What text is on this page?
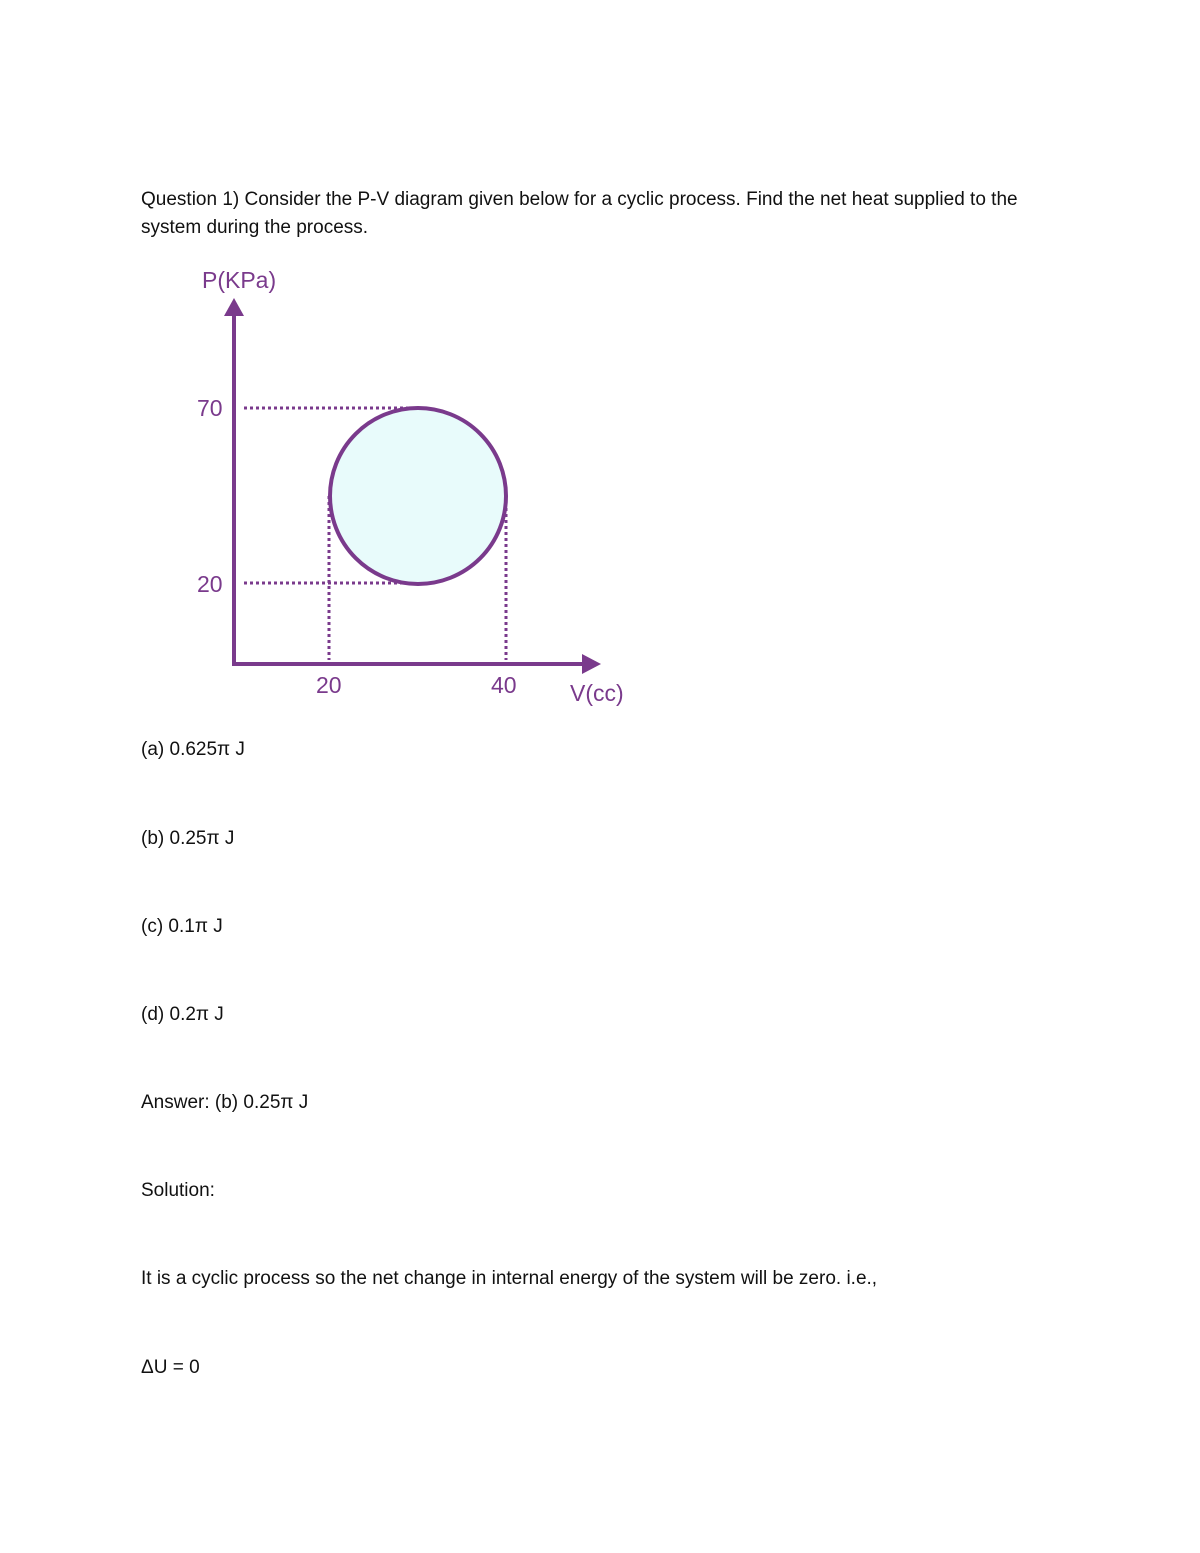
Question 1) Consider the P-V diagram given below for a cyclic process. Find the net heat supplied to the

system during the process.

P(KPa)
V(cc)
70
20
20	40
(a) 0.625π J
(b) 0.25π J
(c) 0.1π J
(d) 0.2π J
Answer: (b) 0.25π J
Solution:
It is a cyclic process so the net change in internal energy of the system will be zero. i.e.,
ΔU = 0
